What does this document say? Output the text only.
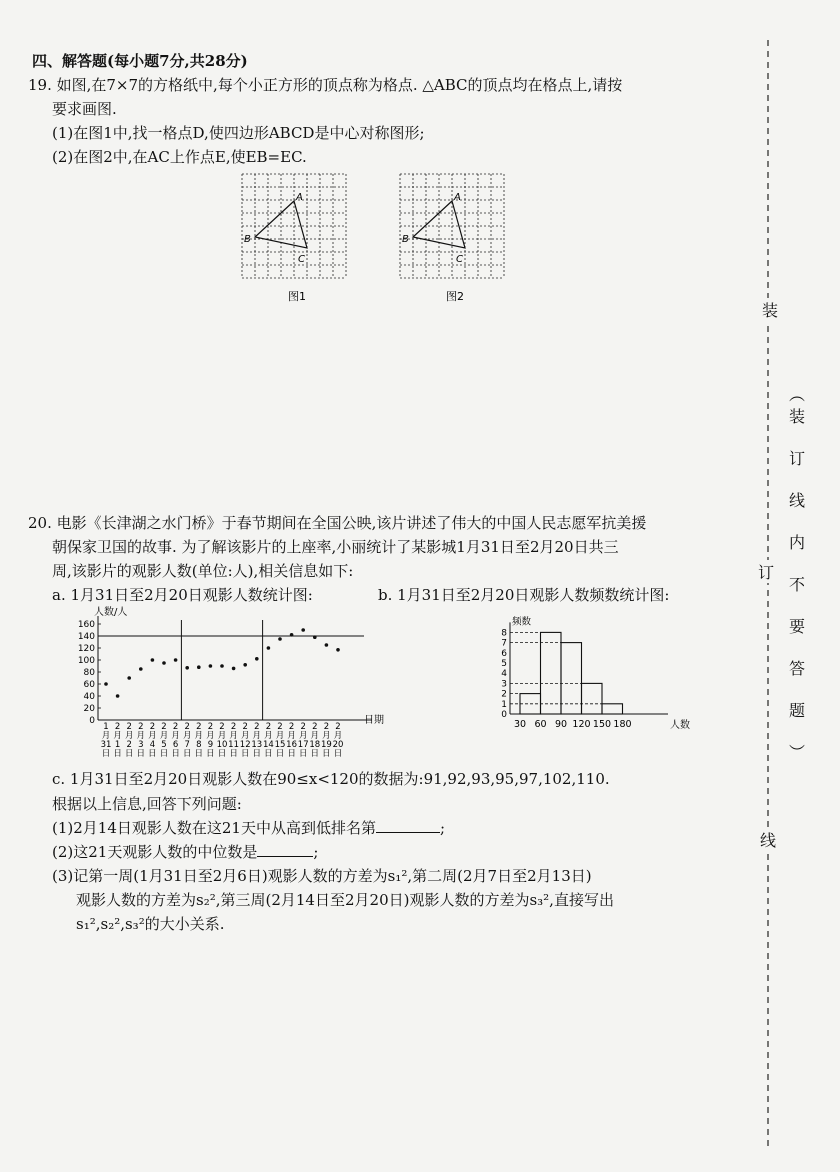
四、解答题(每小题7分,共28分)
19. 如图,在7×7的方格纸中,每个小正方形的顶点称为格点. △ABC的顶点均在格点上,请按
要求画图.
(1)在图1中,找一格点D,使四边形ABCD是中心对称图形;
(2)在图2中,在AC上作点E,使EB=EC.
A
B
C
图1
A
B
C
图2
20. 电影《长津湖之水门桥》于春节期间在全国公映,该片讲述了伟大的中国人民志愿军抗美援
朝保家卫国的故事. 为了解该影片的上座率,小丽统计了某影城1月31日至2月20日共三
周,该影片的观影人数(单位:人),相关信息如下:
a. 1月31日至2月20日观影人数统计图:	b. 1月31日至2月20日观影人数频数统计图:
人数/人
日期
0
20
40
60
80
100
120
140
160
1
月
31
日
2
月
1
日
2
月
2
日
2
月
3
日
2
月
4
日
2
月
5
日
2
月
6
日
2
月
7
日
2
月
8
日
2
月
9
日
2
月
10
日
2
月
11
日
2
月
12
日
2
月
13
日
2
月
14
日
2
月
15
日
2
月
16
日
2
月
17
日
2
月
18
日
2
月
19
日
2
月
20
日
频数
人数
0
1
2
3
4
5
6
7
8
30 60 90 120 150 180
c. 1月31日至2月20日观影人数在90≤x<120的数据为:91,92,93,95,97,102,110.
根据以上信息,回答下列问题:
(1)2月14日观影人数在这21天中从高到低排名第	;
(2)这21天观影人数的中位数是	;
(3)记第一周(1月31日至2月6日)观影人数的方差为s₁²,第二周(2月7日至2月13日)
观影人数的方差为s₂²,第三周(2月14日至2月20日)观影人数的方差为s₃²,直接写出
s₁²,s₂²,s₃²的大小关系.
装
订
线
︵
装
订
线
内
不
要
答
题
︶
